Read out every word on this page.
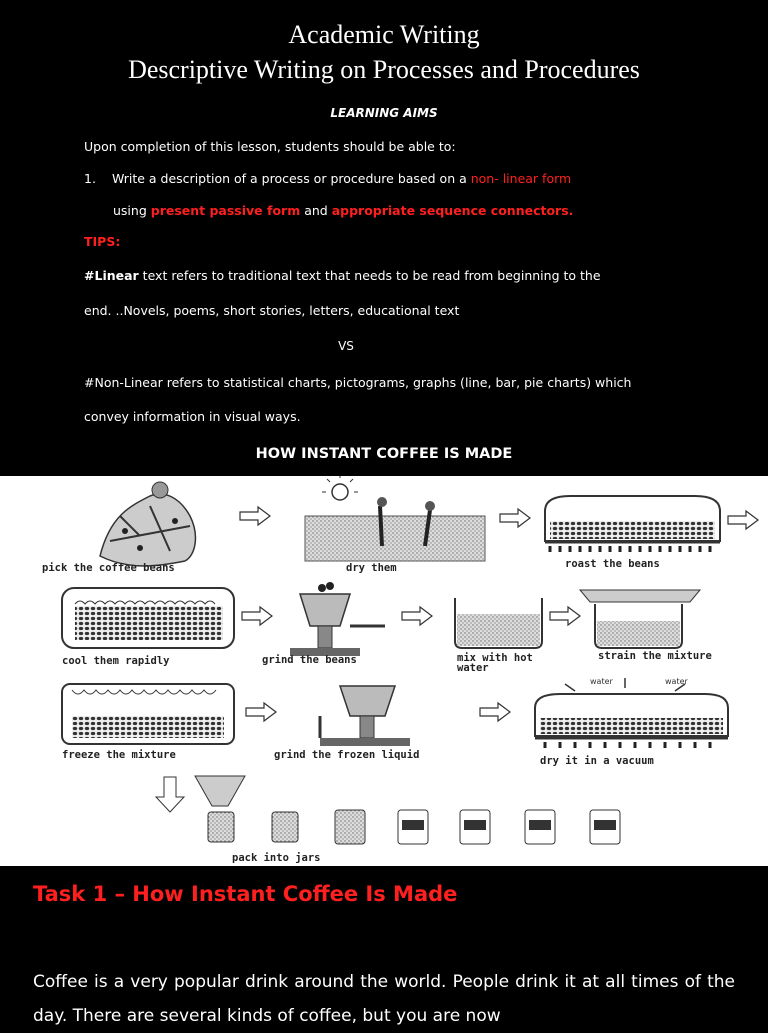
Academic Writing
Descriptive Writing on Processes and Procedures
LEARNING AIMS
Upon completion of this lesson, students should be able to:
1. Write a description of a process or procedure based on a non- linear form
using present passive form and appropriate sequence connectors.
TIPS:
#Linear text refers to traditional text that needs to be read from beginning to the
end. ..Novels, poems, short stories, letters, educational text
VS
#Non-Linear refers to statistical charts, pictograms, graphs (line, bar, pie charts) which
convey information in visual ways.
HOW INSTANT COFFEE IS MADE
water	water
pick the coffee beans	dry them	roast the beans
cool them rapidly	grind the beans	mix with hot
water
strain the mixture
freeze the mixture	grind the frozen liquid	dry it in a vacuum
pack into jars
Task 1 – How Instant Coffee Is Made
Coffee is a very popular drink around the world. People drink it at all times of the day. There are several kinds of coffee, but you are now
